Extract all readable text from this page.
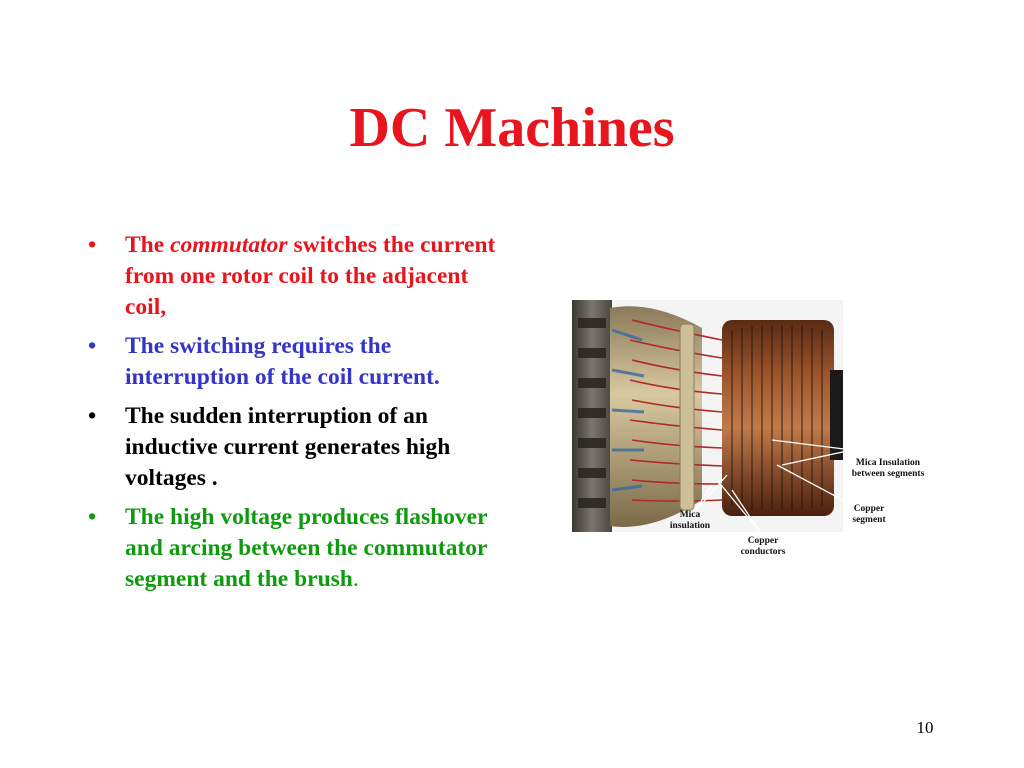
DC Machines
• The commutator switches the current from one rotor coil to the adjacent coil,
• The switching requires the interruption of the coil current.
• The sudden interruption of an inductive current generates high voltages .
• The high voltage produces flashover and arcing between the commutator segment and the brush.
Mica Insulation between segments
Copper segment
Mica insulation
Copper conductors
10
